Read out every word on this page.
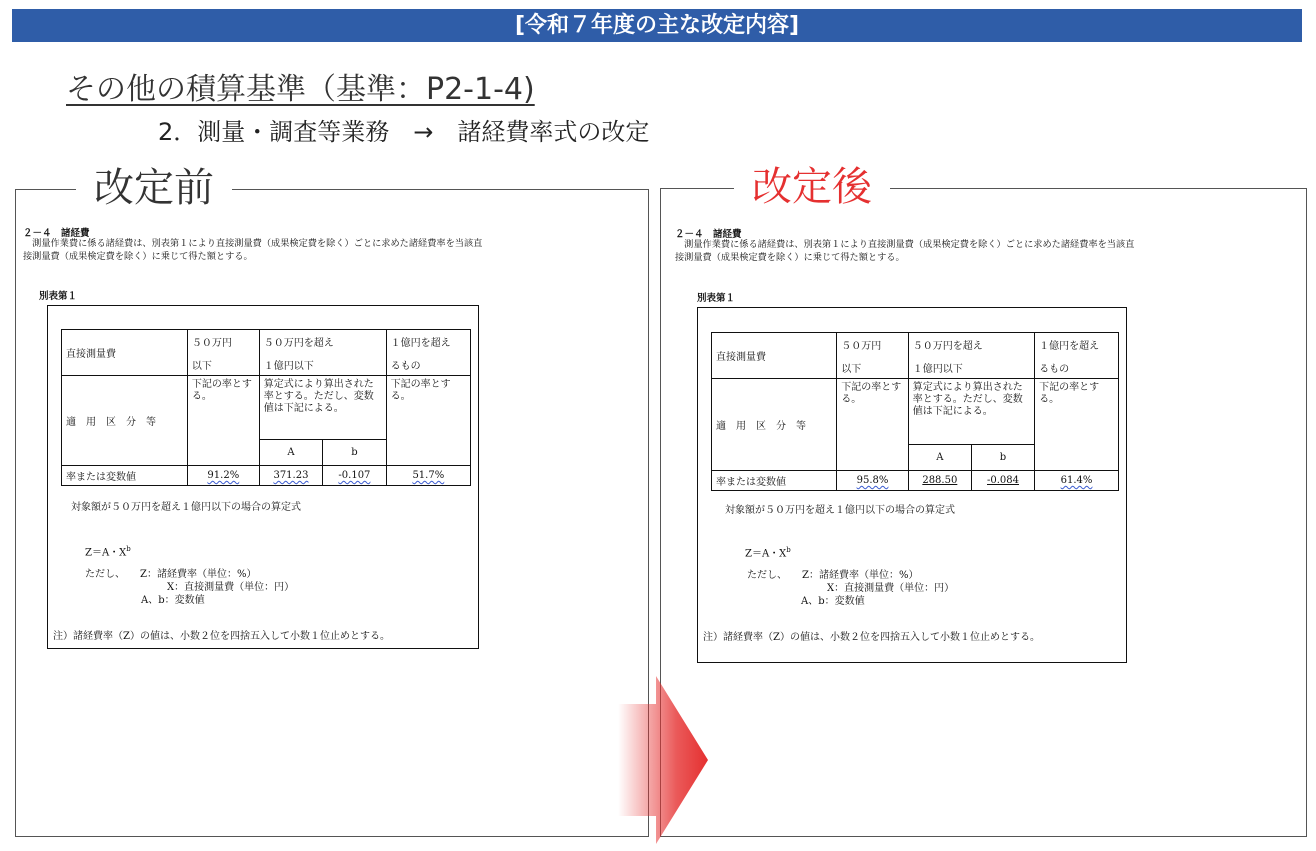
[令和７年度の主な改定内容]
その他の積算基準（基準：P2-1-4)
2．測量・調査等業務　→　諸経費率式の改定
改定前
２－４　諸経費
　測量作業費に係る諸経費は、別表第１により直接測量費（成果検定費を除く）ごとに求めた諸経費率を当該直
接測量費（成果検定費を除く）に乗じて得た額とする。
別表第１
直接測量費	５０万円	５０万円を超え		１億円を超え
	以下	１億円以下		るもの
適　用　区　分　等	下記の率とする。	算定式により算出された率とする。ただし、変数値は下記による。		下記の率とする。
		A	b	
率または変数値	91.2%	371.23	-0.107	51.7%
対象額が５０万円を超え１億円以下の場合の算定式
Z＝A・$X^b$
ただし、　　Z：諸経費率（単位：%）
X：直接測量費（単位：円）
A、b：変数値
注）諸経費率（Z）の値は、小数２位を四捨五入して小数１位止めとする。
改定後
２－４　諸経費
　測量作業費に係る諸経費は、別表第１により直接測量費（成果検定費を除く）ごとに求めた諸経費率を当該直
接測量費（成果検定費を除く）に乗じて得た額とする。
別表第１
直接測量費	５０万円	５０万円を超え		１億円を超え
	以下	１億円以下		るもの
適　用　区　分　等	下記の率とする。	算定式により算出された率とする。ただし、変数値は下記による。		下記の率とする。
		A	b	
率または変数値	95.8%	288.50	-0.084	61.4%
対象額が５０万円を超え１億円以下の場合の算定式
Z＝A・$X^b$
ただし、　　Z：諸経費率（単位：%）
X：直接測量費（単位：円）
A、b：変数値
注）諸経費率（Z）の値は、小数２位を四捨五入して小数１位止めとする。
